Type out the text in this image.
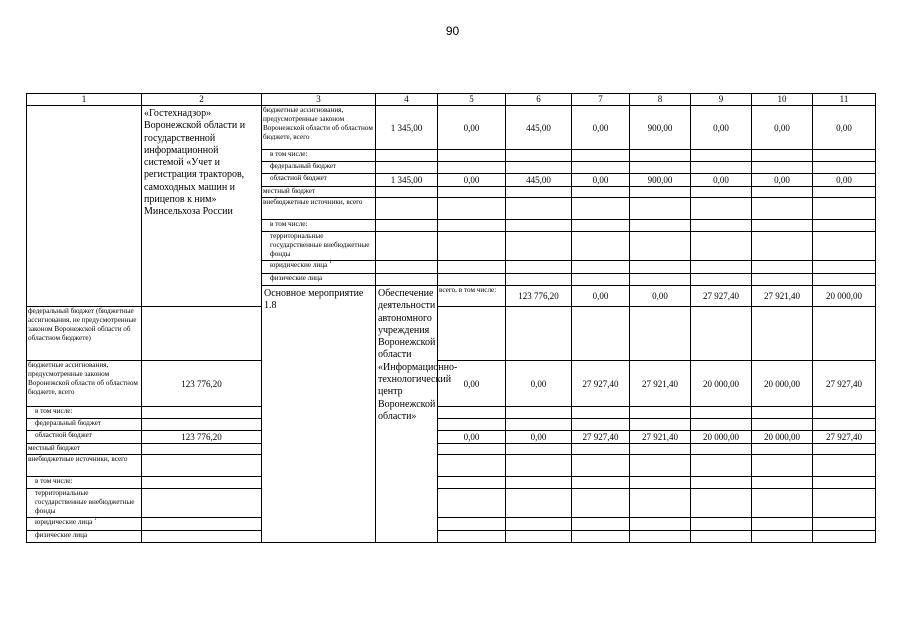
90
1	2	3	4	5	6	7	8	9	10	11	
	«Гостехнадзор» Воронежской области и государственной информационной системой «Учет и регистрация тракторов, самоходных машин и прицепов к ним» Минсельхоза России	бюджетные ассигнования, предусмотренные законом Воронежской области об областном бюджете, всего	1 345,00	0,00	445,00	0,00	900,00	0,00	0,00	0,00	
		в том числе:									
		федеральный бюджет									
		областной бюджет	1 345,00	0,00	445,00	0,00	900,00	0,00	0,00	0,00	
		местный бюджет									
		внебюджетные источники, всего									
		в том числе:									
		территориальные государственные внебюджетные фонды									
		юридические лица $^1$								
		физические лица									
		Основное мероприятие 1.8	Обеспечение деятельности автономного учреждения Воронежской области «Информационно-технологический центр Воронежской области»	всего, в том числе:	123 776,20	0,00	0,00	27 927,40	27 921,40	20 000,00		
федеральный бюджет (бюджетные ассигнования, не предусмотренные законом Воронежской области об областном бюджете)											
бюджетные ассигнования, предусмотренные законом Воронежской области об областном бюджете, всего	123 776,20			0,00	0,00	27 927,40	27 921,40	20 000,00	20 000,00	27 927,40	
в том числе:											
федеральный бюджет											
областной бюджет	123 776,20			0,00	0,00	27 927,40	27 921,40	20 000,00	20 000,00	27 927,40	
местный бюджет											
внебюджетные источники, всего											
в том числе:											
территориальные государственные внебюджетные фонды											
юридические лица $^1$								
физические лица											
